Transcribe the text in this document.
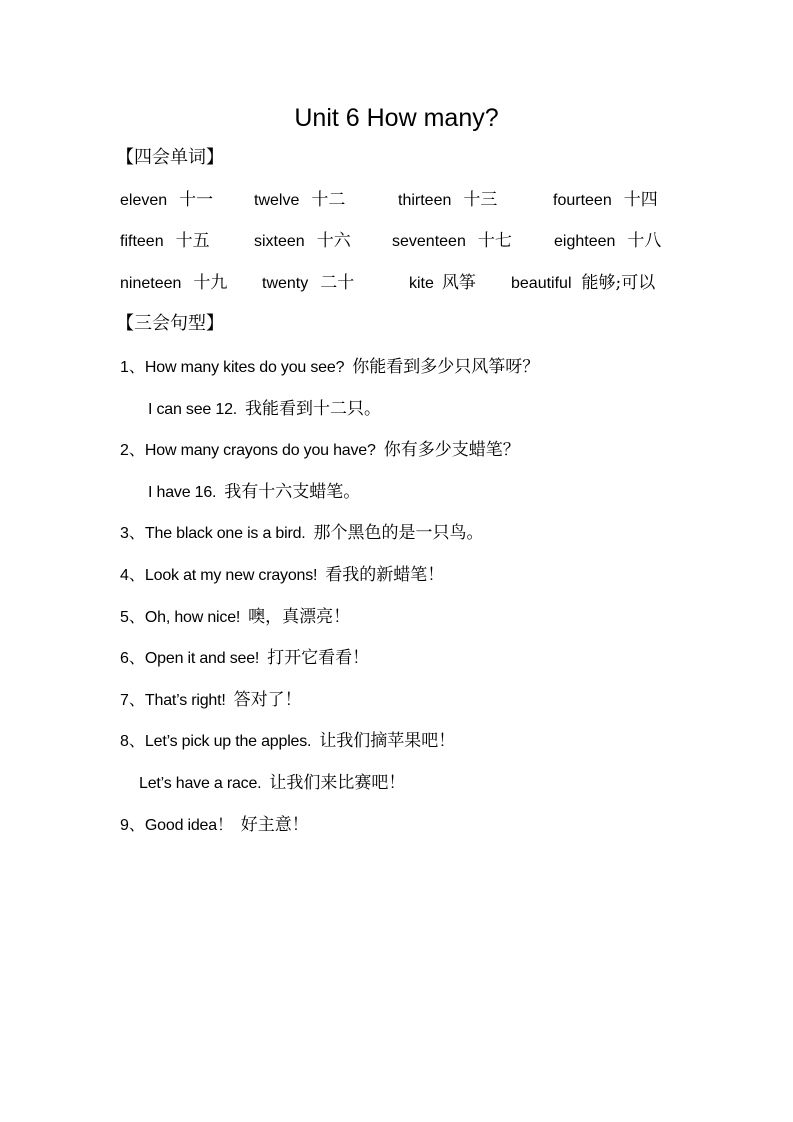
Unit 6 How many?
【四会单词】
eleven 十一	twelve 十二	thirteen 十三	fourteen 十四
fifteen 十五	sixteen 十六	seventeen 十七	eighteen 十八
nineteen 十九 twenty 二十	kite 风筝 beautiful 能够;可以
【三会句型】
1、How many kites do you see? 你能看到多少只风筝呀？
I can see 12. 我能看到十二只。
2、How many crayons do you have? 你有多少支蜡笔？
I have 16. 我有十六支蜡笔。
3、The black one is a bird. 那个黑色的是一只鸟。
4、Look at my new crayons! 看我的新蜡笔！
5、Oh, how nice! 噢，真漂亮！
6、Open it and see! 打开它看看！
7、That’s right! 答对了！
8、Let’s pick up the apples. 让我们摘苹果吧！
Let’s have a race. 让我们来比赛吧！
9、Good idea！ 好主意！
